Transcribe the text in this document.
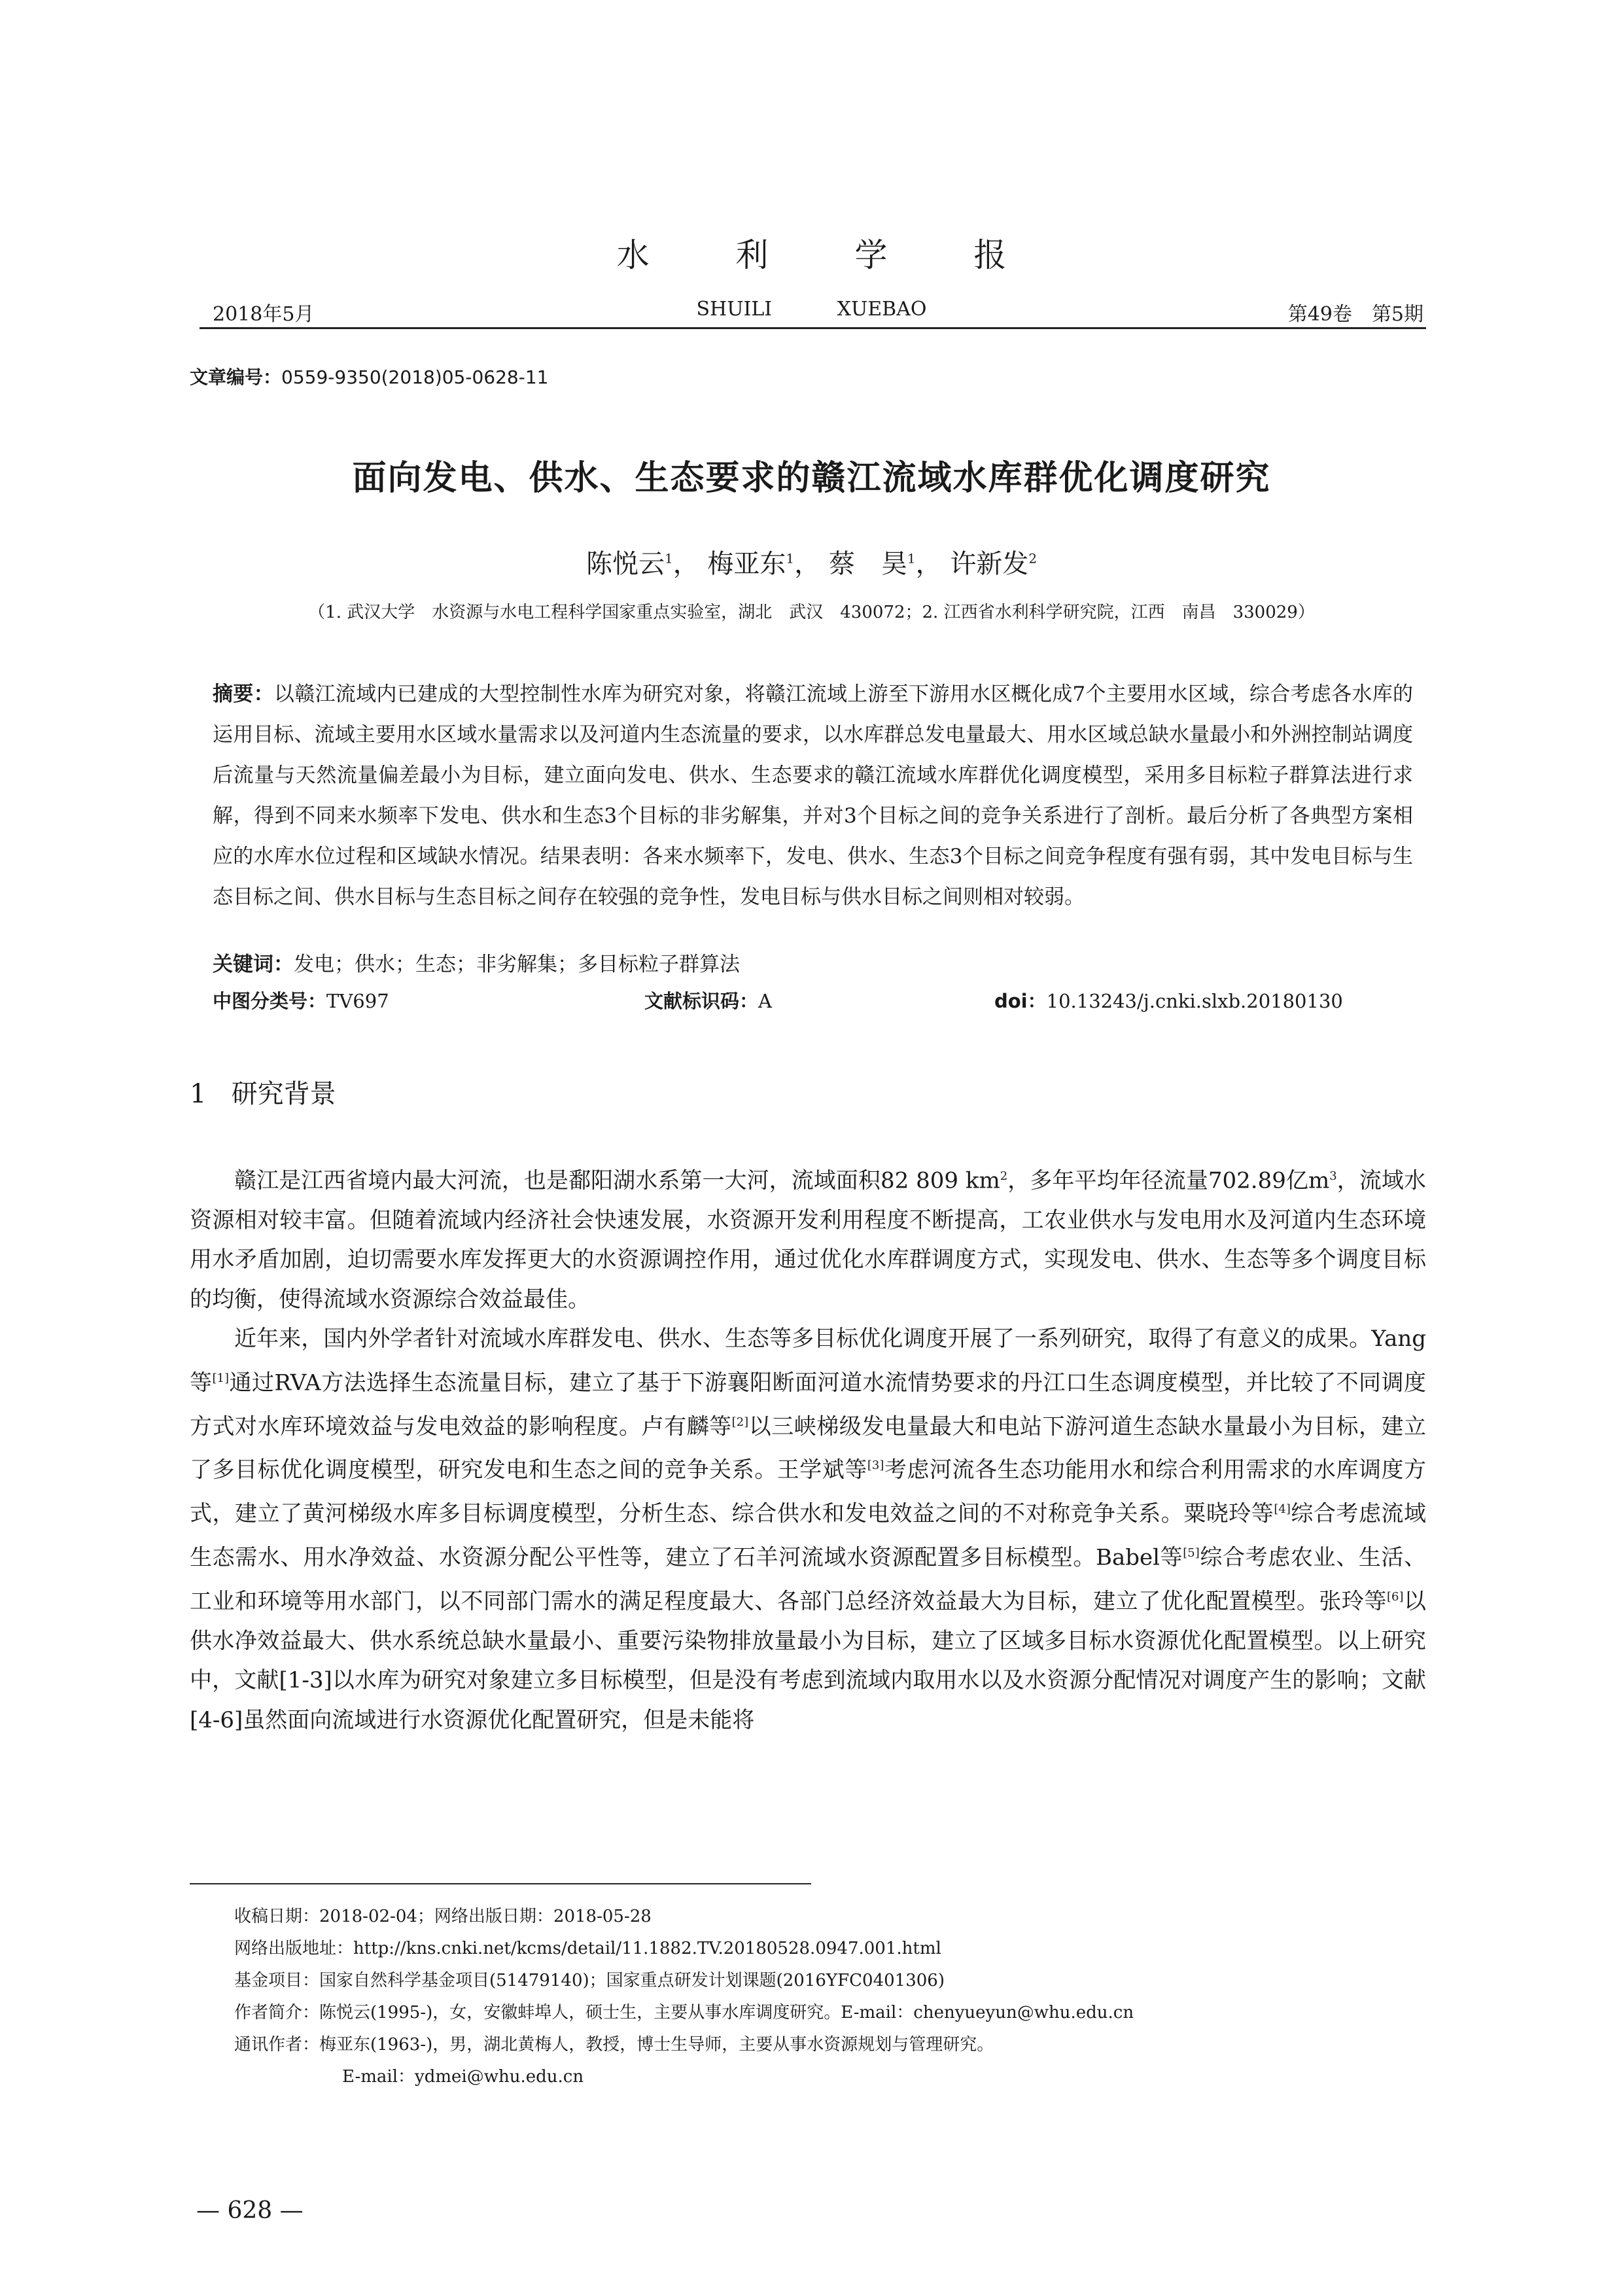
水	利	学	报
2018年5月	SHUILI XUEBAO	第49卷　第5期
文章编号：0559-9350(2018)05-0628-11
面向发电、供水、生态要求的赣江流域水库群优化调度研究
陈悦云$^1$， 梅亚东$^1$， 蔡　昊$^1$， 许新发$^2$
（1. 武汉大学　水资源与水电工程科学国家重点实验室，湖北　武汉　430072；2. 江西省水利科学研究院，江西　南昌　330029）
摘要：以赣江流域内已建成的大型控制性水库为研究对象，将赣江流域上游至下游用水区概化成7个主要用水区域，综合考虑各水库的运用目标、流域主要用水区域水量需求以及河道内生态流量的要求，以水库群总发电量最大、用水区域总缺水量最小和外洲控制站调度后流量与天然流量偏差最小为目标，建立面向发电、供水、生态要求的赣江流域水库群优化调度模型，采用多目标粒子群算法进行求解，得到不同来水频率下发电、供水和生态3个目标的非劣解集，并对3个目标之间的竞争关系进行了剖析。最后分析了各典型方案相应的水库水位过程和区域缺水情况。结果表明：各来水频率下，发电、供水、生态3个目标之间竞争程度有强有弱，其中发电目标与生态目标之间、供水目标与生态目标之间存在较强的竞争性，发电目标与供水目标之间则相对较弱。
关键词：发电；供水；生态；非劣解集；多目标粒子群算法
中图分类号：TV697	文献标识码：A	doi：10.13243/j.cnki.slxb.20180130
1 研究背景

赣江是江西省境内最大河流，也是鄱阳湖水系第一大河，流域面积82 809 $km^2$，多年平均年径流量702.89亿$m^3$，流域水资源相对较丰富。但随着流域内经济社会快速发展，水资源开发利用程度不断提高，工农业供水与发电用水及河道内生态环境用水矛盾加剧，迫切需要水库发挥更大的水资源调控作用，通过优化水库群调度方式，实现发电、供水、生态等多个调度目标的均衡，使得流域水资源综合效益最佳。

近年来，国内外学者针对流域水库群发电、供水、生态等多目标优化调度开展了一系列研究，取得了有意义的成果。Yang等[1]通过RVA方法选择生态流量目标，建立了基于下游襄阳断面河道水流情势要求的丹江口生态调度模型，并比较了不同调度方式对水库环境效益与发电效益的影响程度。卢有麟等[2]以三峡梯级发电量最大和电站下游河道生态缺水量最小为目标，建立了多目标优化调度模型，研究发电和生态之间的竞争关系。王学斌等[3]考虑河流各生态功能用水和综合利用需求的水库调度方式，建立了黄河梯级水库多目标调度模型，分析生态、综合供水和发电效益之间的不对称竞争关系。粟晓玲等[4]综合考虑流域生态需水、用水净效益、水资源分配公平性等，建立了石羊河流域水资源配置多目标模型。Babel等[5]综合考虑农业、生活、工业和环境等用水部门，以不同部门需水的满足程度最大、各部门总经济效益最大为目标，建立了优化配置模型。张玲等[6]以供水净效益最大、供水系统总缺水量最小、重要污染物排放量最小为目标，建立了区域多目标水资源优化配置模型。以上研究中，文献[1-3]以水库为研究对象建立多目标模型，但是没有考虑到流域内取用水以及水资源分配情况对调度产生的影响；文献[4-6]虽然面向流域进行水资源优化配置研究，但是未能将

收稿日期：2018-02-04；网络出版日期：2018-05-28
网络出版地址：http://kns.cnki.net/kcms/detail/11.1882.TV.20180528.0947.001.html
基金项目：国家自然科学基金项目(51479140)；国家重点研发计划课题(2016YFC0401306)
作者简介：陈悦云(1995-)，女，安徽蚌埠人，硕士生，主要从事水库调度研究。E-mail：chenyueyun@whu.edu.cn
通讯作者：梅亚东(1963-)，男，湖北黄梅人，教授，博士生导师，主要从事水资源规划与管理研究。
E-mail：ydmei@whu.edu.cn
— 628 —
